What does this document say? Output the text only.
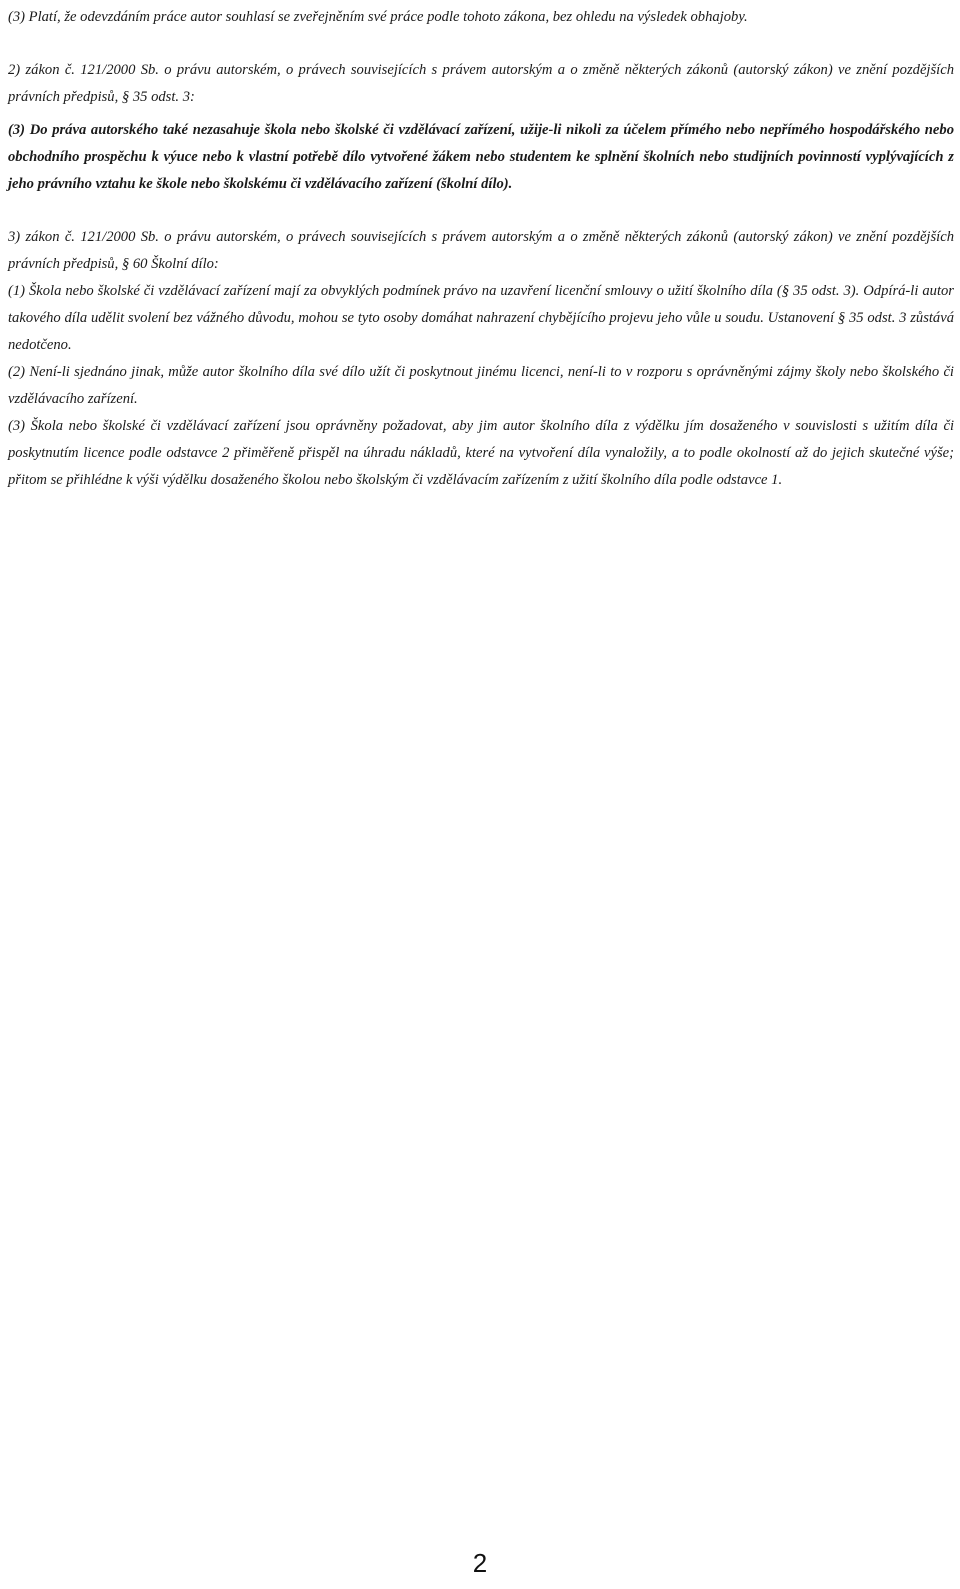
(3) Platí, že odevzdáním práce autor souhlasí se zveřejněním své práce podle tohoto zákona, bez ohledu na výsledek obhajoby.

2) zákon č. 121/2000 Sb. o právu autorském, o právech souvisejících s právem autorským a o změně některých zákonů (autorský zákon) ve znění pozdějších právních předpisů, § 35 odst. 3:

(3) Do práva autorského také nezasahuje škola nebo školské či vzdělávací zařízení, užije-li nikoli za účelem přímého nebo nepřímého hospodářského nebo obchodního prospěchu k výuce nebo k vlastní potřebě dílo vytvořené žákem nebo studentem ke splnění školních nebo studijních povinností vyplývajících z jeho právního vztahu ke škole nebo školskému či vzdělávacího zařízení (školní dílo).

3) zákon č. 121/2000 Sb. o právu autorském, o právech souvisejících s právem autorským a o změně některých zákonů (autorský zákon) ve znění pozdějších právních předpisů, § 60 Školní dílo:

(1) Škola nebo školské či vzdělávací zařízení mají za obvyklých podmínek právo na uzavření licenční smlouvy o užití školního díla (§ 35 odst. 3). Odpírá-li autor takového díla udělit svolení bez vážného důvodu, mohou se tyto osoby domáhat nahrazení chybějícího projevu jeho vůle u soudu. Ustanovení § 35 odst. 3 zůstává nedotčeno.

(2) Není-li sjednáno jinak, může autor školního díla své dílo užít či poskytnout jinému licenci, není-li to v rozporu s oprávněnými zájmy školy nebo školského či vzdělávacího zařízení.

(3) Škola nebo školské či vzdělávací zařízení jsou oprávněny požadovat, aby jim autor školního díla z výdělku jím dosaženého v souvislosti s užitím díla či poskytnutím licence podle odstavce 2 přiměřeně přispěl na úhradu nákladů, které na vytvoření díla vynaložily, a to podle okolností až do jejich skutečné výše; přitom se přihlédne k výši výdělku dosaženého školou nebo školským či vzdělávacím zařízením z užití školního díla podle odstavce 1.

2
